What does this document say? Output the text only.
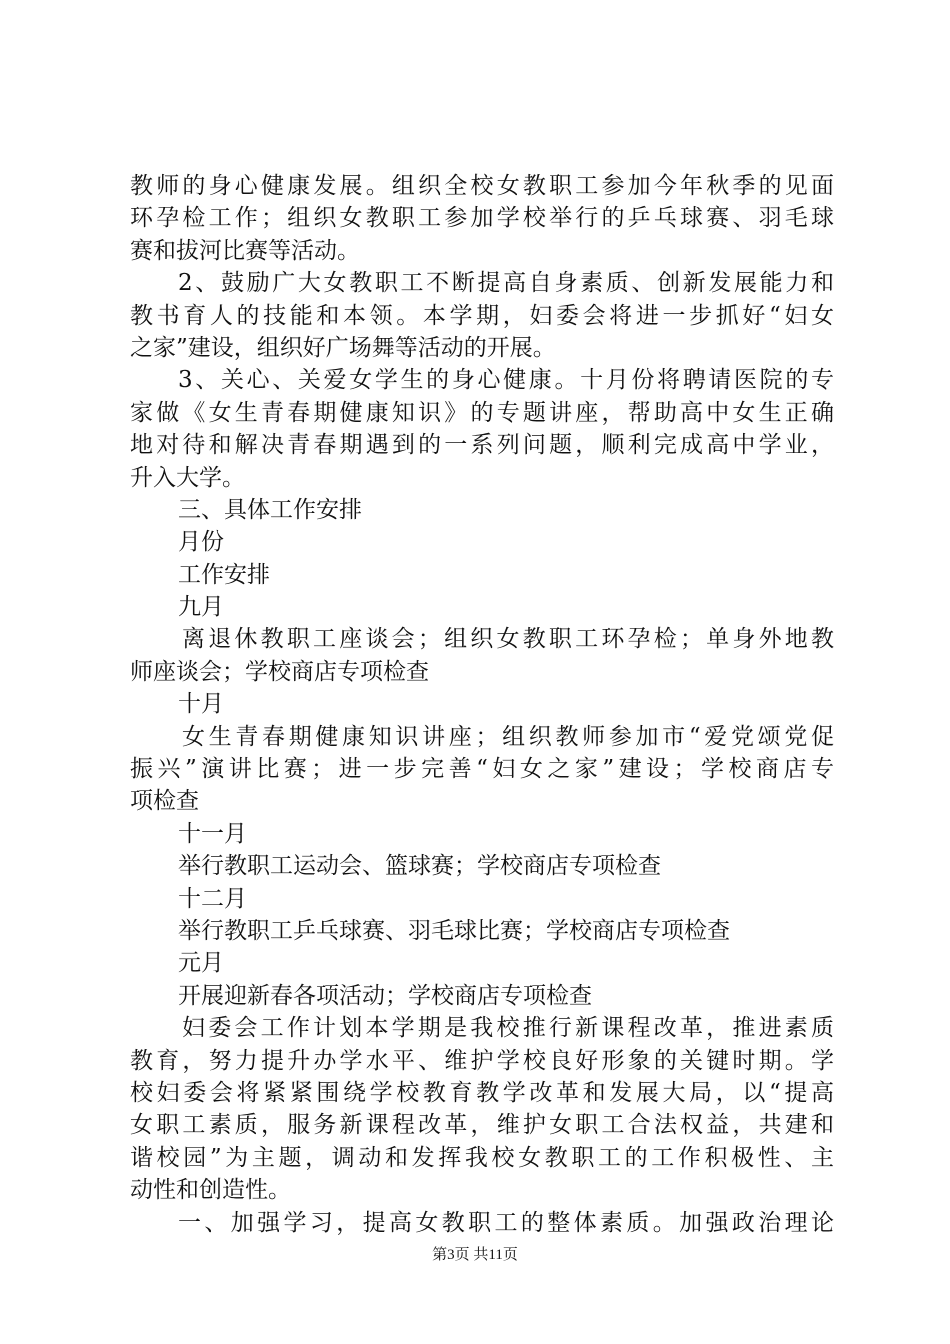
教师的身心健康发展。组织全校女教职工参加今年秋季的见面
环孕检工作；组织女教职工参加学校举行的乒乓球赛、羽毛球
赛和拔河比赛等活动。
2、鼓励广大女教职工不断提高自身素质、创新发展能力和
教书育人的技能和本领。本学期，妇委会将进一步抓好“妇女
之家”建设，组织好广场舞等活动的开展。
3、关心、关爱女学生的身心健康。十月份将聘请医院的专
家做《女生青春期健康知识》的专题讲座，帮助高中女生正确
地对待和解决青春期遇到的一系列问题，顺利完成高中学业，
升入大学。
三、具体工作安排
月份
工作安排
九月
离退休教职工座谈会；组织女教职工环孕检；单身外地教
师座谈会；学校商店专项检查
十月
女生青春期健康知识讲座；组织教师参加市“爱党颂党促
振兴”演讲比赛；进一步完善“妇女之家”建设；学校商店专
项检查
十一月
举行教职工运动会、篮球赛；学校商店专项检查
十二月
举行教职工乒乓球赛、羽毛球比赛；学校商店专项检查
元月
开展迎新春各项活动；学校商店专项检查
妇委会工作计划本学期是我校推行新课程改革，推进素质
教育，努力提升办学水平、维护学校良好形象的关键时期。学
校妇委会将紧紧围绕学校教育教学改革和发展大局，以“提高
女职工素质，服务新课程改革，维护女职工合法权益，共建和
谐校园”为主题，调动和发挥我校女教职工的工作积极性、主
动性和创造性。
一、加强学习，提高女教职工的整体素质。加强政治理论
第3页 共11页
